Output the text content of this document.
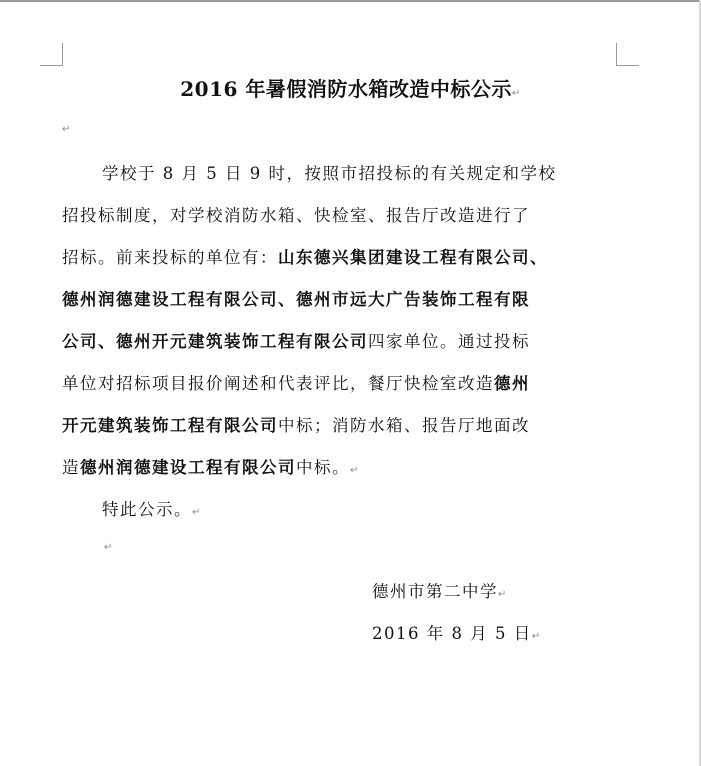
2016 年暑假消防水箱改造中标公示↵
↵
学校于 8 月 5 日 9 时，按照市招投标的有关规定和学校
招投标制度，对学校消防水箱、快检室、报告厅改造进行了
招标。前来投标的单位有：山东德兴集团建设工程有限公司、
德州润德建设工程有限公司、德州市远大广告装饰工程有限
公司、德州开元建筑装饰工程有限公司四家单位。通过投标
单位对招标项目报价阐述和代表评比，餐厅快检室改造德州
开元建筑装饰工程有限公司中标；消防水箱、报告厅地面改
造德州润德建设工程有限公司中标。↵
特此公示。↵
↵
德州市第二中学↵
2016 年 8 月 5 日↵
